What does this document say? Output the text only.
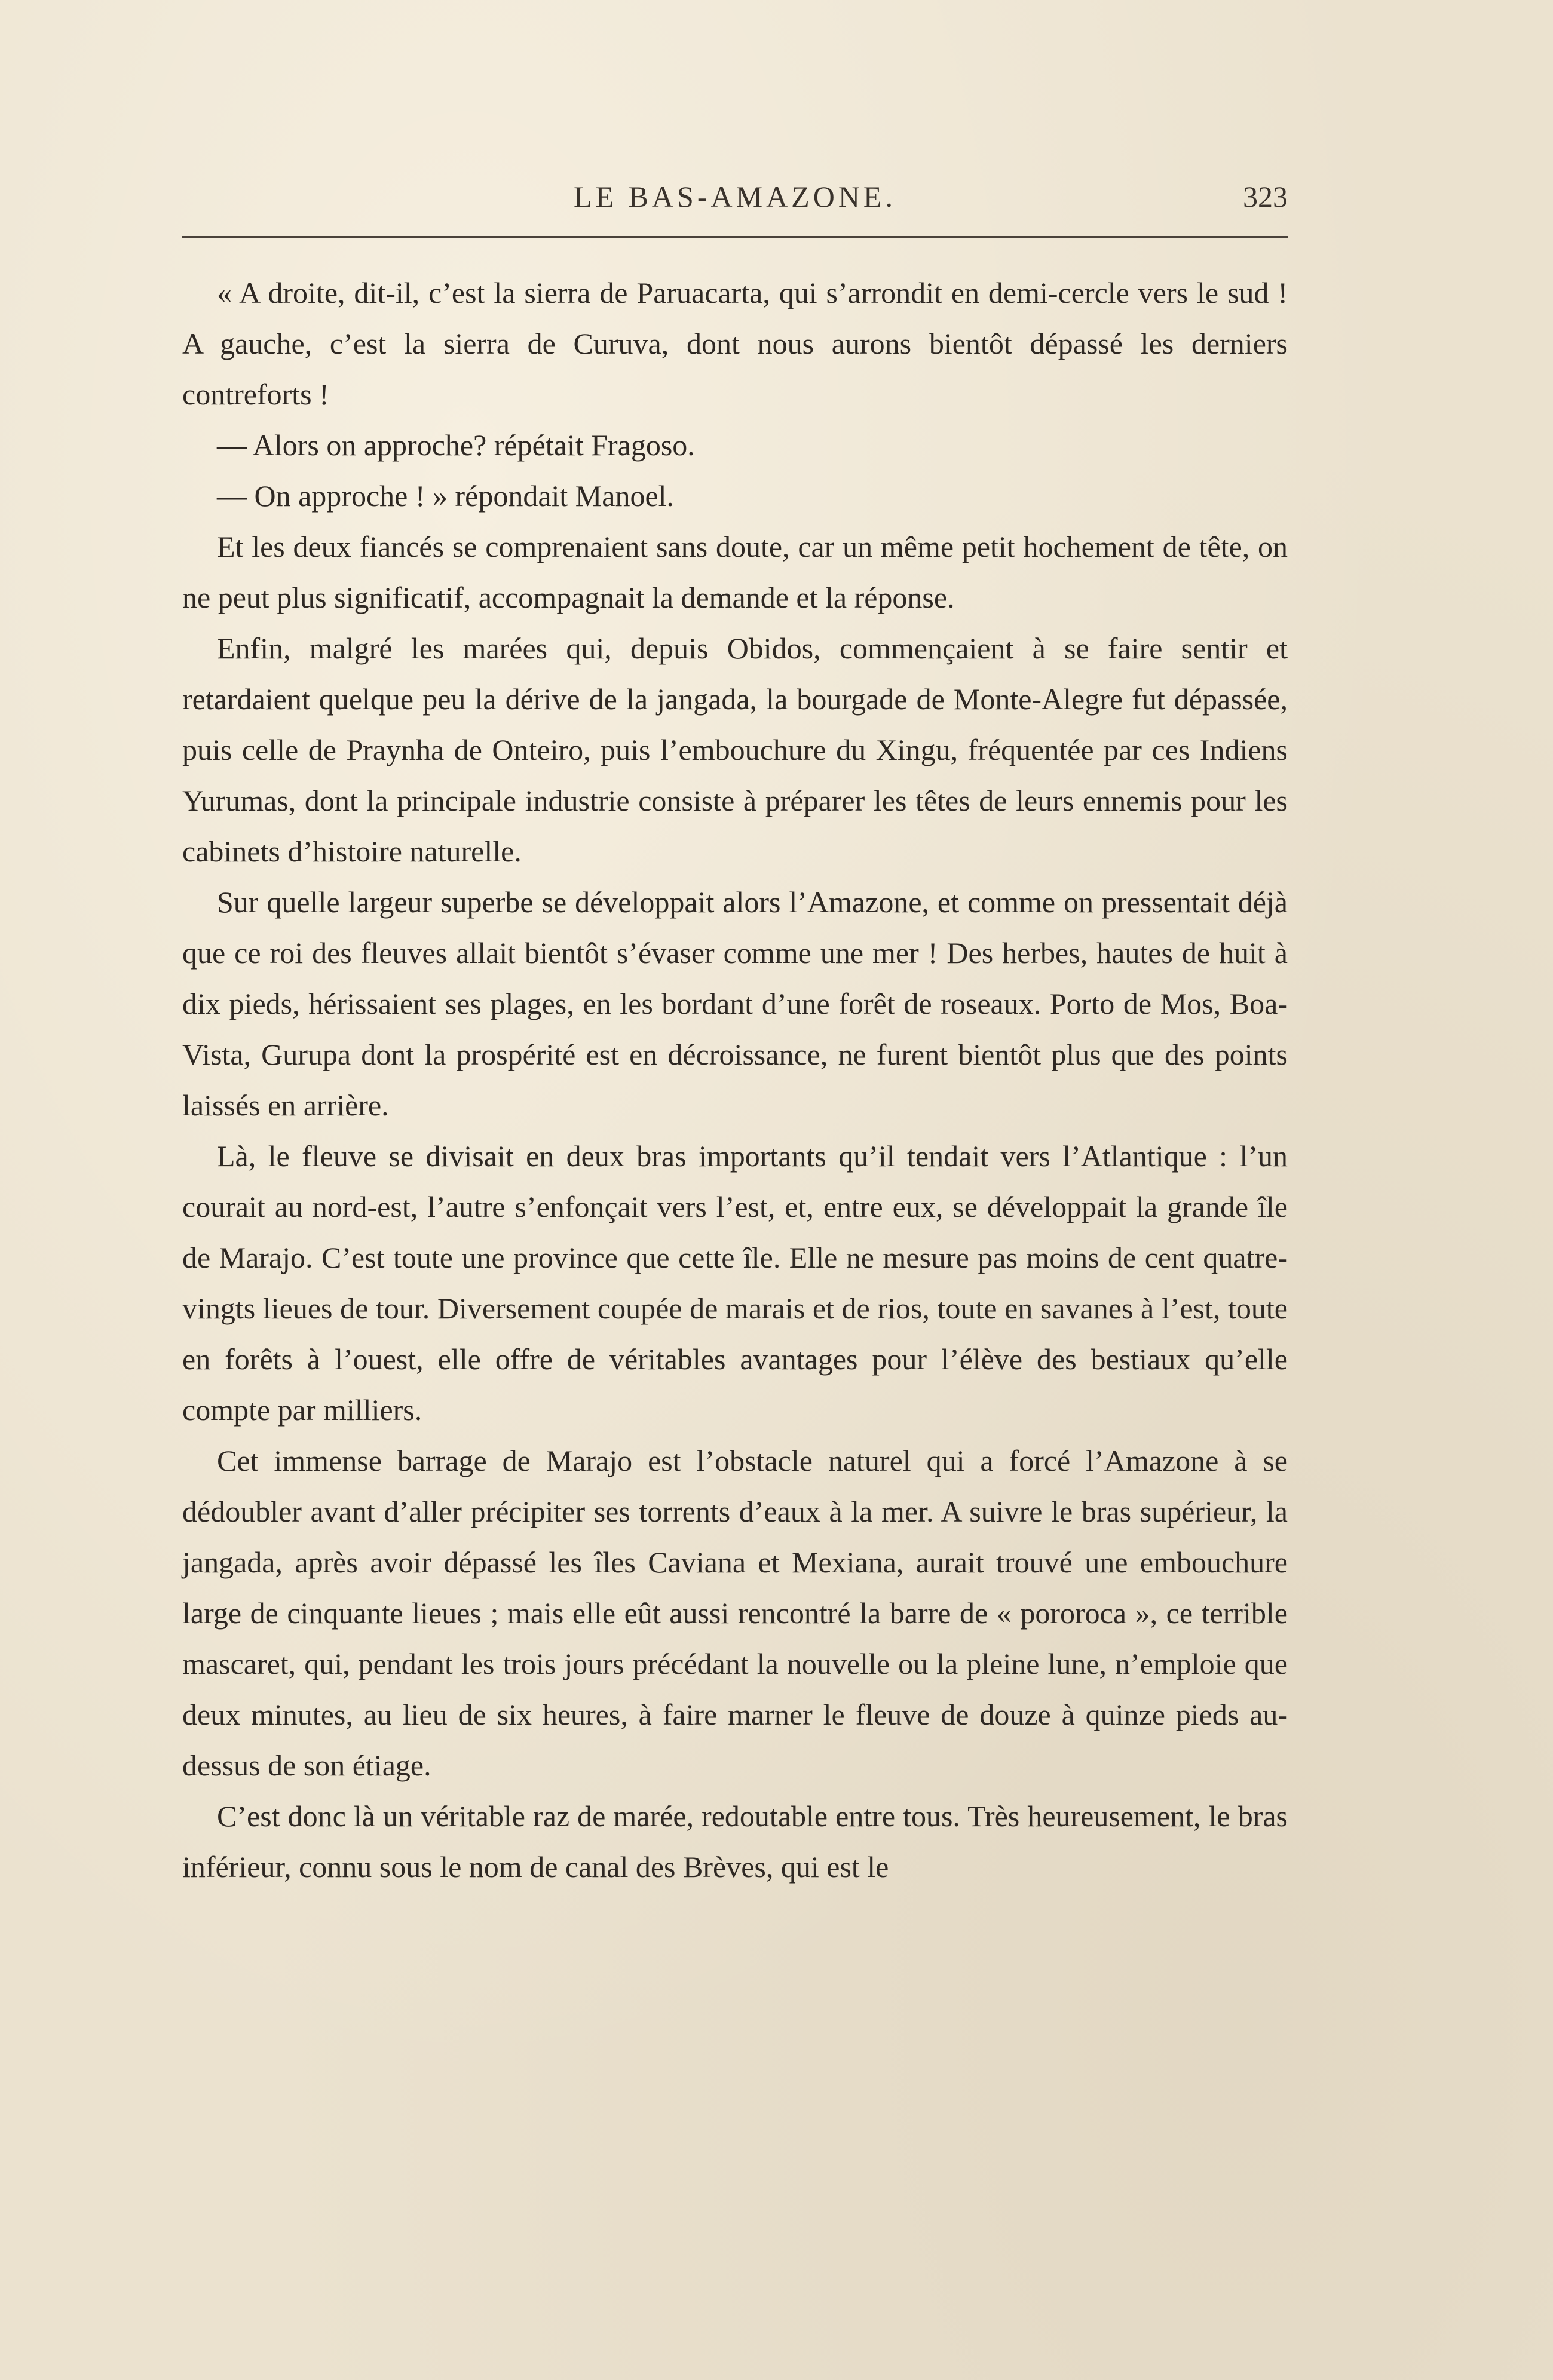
LE BAS-AMAZONE.	323

« A droite, dit-il, c’est la sierra de Paruacarta, qui s’arrondit en demi-cercle vers le sud ! A gauche, c’est la sierra de Curuva, dont nous aurons bientôt dépassé les derniers contreforts !

— Alors on approche? répétait Fragoso.

— On approche ! » répondait Manoel.

Et les deux fiancés se comprenaient sans doute, car un même petit hochement de tête, on ne peut plus significatif, accompagnait la demande et la réponse.

Enfin, malgré les marées qui, depuis Obidos, commençaient à se faire sentir et retardaient quelque peu la dérive de la jangada, la bourgade de Monte-Alegre fut dépassée, puis celle de Praynha de Onteiro, puis l’embouchure du Xingu, fréquentée par ces Indiens Yurumas, dont la principale industrie consiste à préparer les têtes de leurs ennemis pour les cabinets d’histoire naturelle.

Sur quelle largeur superbe se développait alors l’Amazone, et comme on pressentait déjà que ce roi des fleuves allait bientôt s’évaser comme une mer ! Des herbes, hautes de huit à dix pieds, hérissaient ses plages, en les bordant d’une forêt de roseaux. Porto de Mos, Boa-Vista, Gurupa dont la prospérité est en décroissance, ne furent bientôt plus que des points laissés en arrière.

Là, le fleuve se divisait en deux bras importants qu’il tendait vers l’Atlantique : l’un courait au nord-est, l’autre s’enfonçait vers l’est, et, entre eux, se développait la grande île de Marajo. C’est toute une province que cette île. Elle ne mesure pas moins de cent quatre-vingts lieues de tour. Diversement coupée de marais et de rios, toute en savanes à l’est, toute en forêts à l’ouest, elle offre de véritables avantages pour l’élève des bestiaux qu’elle compte par milliers.

Cet immense barrage de Marajo est l’obstacle naturel qui a forcé l’Amazone à se dédoubler avant d’aller précipiter ses torrents d’eaux à la mer. A suivre le bras supérieur, la jangada, après avoir dépassé les îles Caviana et Mexiana, aurait trouvé une embouchure large de cinquante lieues ; mais elle eût aussi rencontré la barre de « pororoca », ce terrible mascaret, qui, pendant les trois jours précédant la nouvelle ou la pleine lune, n’emploie que deux minutes, au lieu de six heures, à faire marner le fleuve de douze à quinze pieds au-dessus de son étiage.

C’est donc là un véritable raz de marée, redoutable entre tous. Très heureusement, le bras inférieur, connu sous le nom de canal des Brèves, qui est le
